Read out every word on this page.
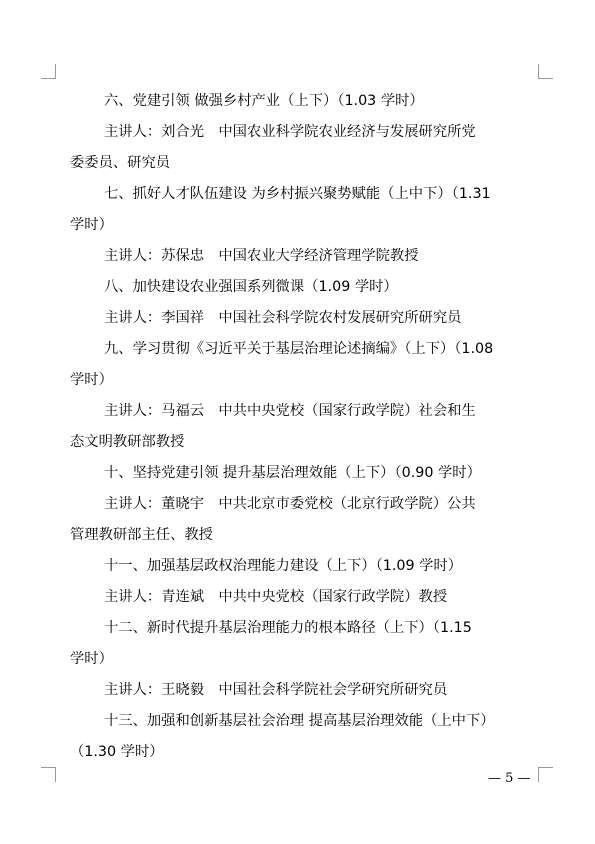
六、党建引领 做强乡村产业（上下）（1.03 学时）
主讲人：刘合光　中国农业科学院农业经济与发展研究所党
委委员、研究员
七、抓好人才队伍建设 为乡村振兴聚势赋能（上中下）（1.31
学时）
主讲人：苏保忠　中国农业大学经济管理学院教授
八、加快建设农业强国系列微课（1.09 学时）
主讲人：李国祥　中国社会科学院农村发展研究所研究员
九、学习贯彻《习近平关于基层治理论述摘编》（上下）（1.08
学时）
主讲人：马福云　中共中央党校（国家行政学院）社会和生
态文明教研部教授
十、坚持党建引领 提升基层治理效能（上下）（0.90 学时）
主讲人：董晓宇　中共北京市委党校（北京行政学院）公共
管理教研部主任、教授
十一、加强基层政权治理能力建设（上下）（1.09 学时）
主讲人：青连斌　中共中央党校（国家行政学院）教授
十二、新时代提升基层治理能力的根本路径（上下）（1.15
学时）
主讲人：王晓毅　中国社会科学院社会学研究所研究员
十三、加强和创新基层社会治理 提高基层治理效能（上中下）
（1.30 学时）
— 5 —
